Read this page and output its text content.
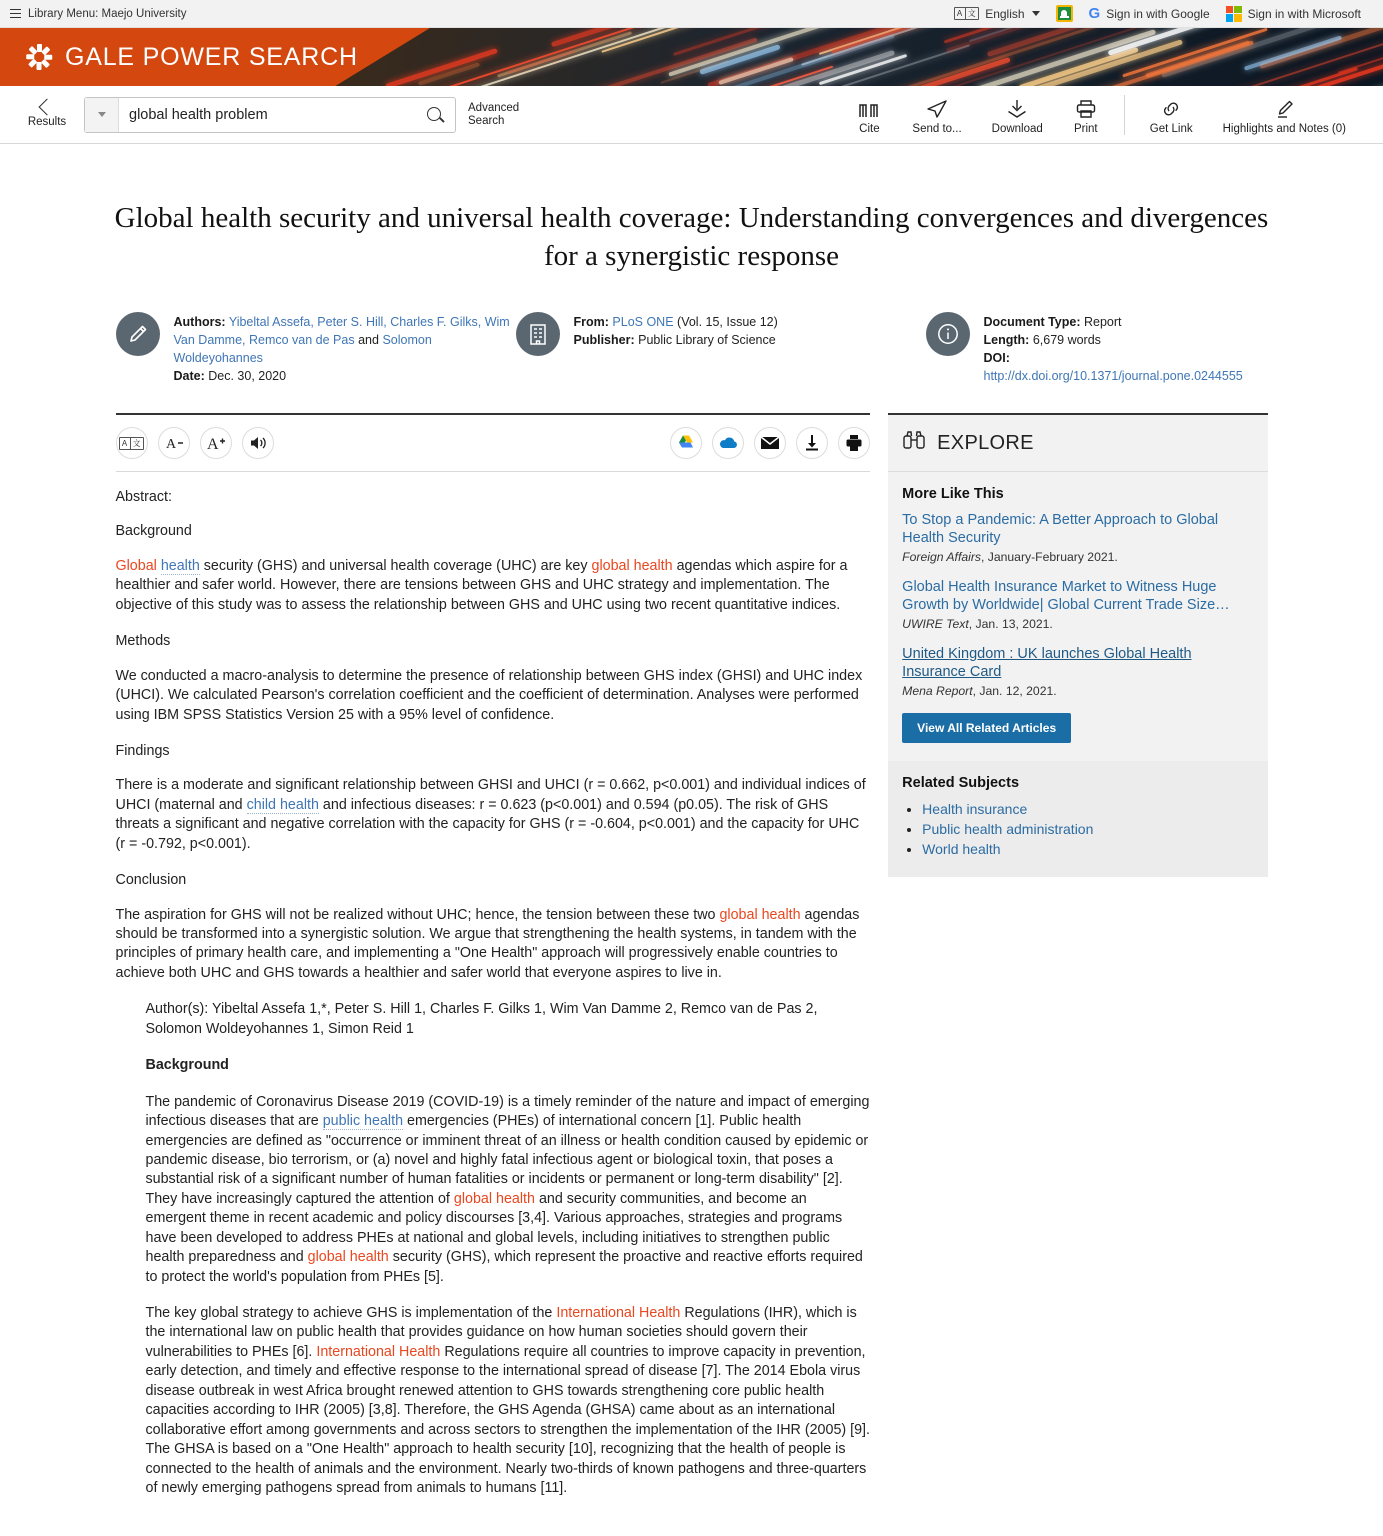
Library Menu: Maejo University	A 文 English	G Sign in with Google	Sign in with Microsoft
GALE POWER SEARCH
Results
global health problem
Advanced
Search
Cite	Send to...	Download	Print	Get Link	Highlights and Notes (0)
Global health security and universal health coverage: Understanding convergences and divergences for a synergistic response
Authors: Yibeltal Assefa, Peter S. Hill, Charles F. Gilks, Wim Van Damme, Remco van de Pas and Solomon Woldeyohannes
Date: Dec. 30, 2020
From: PLoS ONE (Vol. 15, Issue 12)
Publisher: Public Library of Science
Document Type: Report
Length: 6,679 words
DOI: http://dx.doi.org/10.1371/journal.pone.0244555
A 文 A A

Abstract:

Background

Global health security (GHS) and universal health coverage (UHC) are key global health agendas which aspire for a healthier and safer world. However, there are tensions between GHS and UHC strategy and implementation. The objective of this study was to assess the relationship between GHS and UHC using two recent quantitative indices.

Methods

We conducted a macro-analysis to determine the presence of relationship between GHS index (GHSI) and UHC index (UHCI). We calculated Pearson's correlation coefficient and the coefficient of determination. Analyses were performed using IBM SPSS Statistics Version 25 with a 95% level of confidence.

Findings

There is a moderate and significant relationship between GHSI and UHCI (r = 0.662, p<0.001) and individual indices of UHCI (maternal and child health and infectious diseases: r = 0.623 (p<0.001) and 0.594 (p0.05). The risk of GHS threats a significant and negative correlation with the capacity for GHS (r = -0.604, p<0.001) and the capacity for UHC (r = -0.792, p<0.001).

Conclusion

The aspiration for GHS will not be realized without UHC; hence, the tension between these two global health agendas should be transformed into a synergistic solution. We argue that strengthening the health systems, in tandem with the principles of primary health care, and implementing a "One Health" approach will progressively enable countries to achieve both UHC and GHS towards a healthier and safer world that everyone aspires to live in.

Author(s): Yibeltal Assefa 1,*, Peter S. Hill 1, Charles F. Gilks 1, Wim Van Damme 2, Remco van de Pas 2, Solomon Woldeyohannes 1, Simon Reid 1

Background

The pandemic of Coronavirus Disease 2019 (COVID-19) is a timely reminder of the nature and impact of emerging infectious diseases that are public health emergencies (PHEs) of international concern [1]. Public health emergencies are defined as "occurrence or imminent threat of an illness or health condition caused by epidemic or pandemic disease, bio terrorism, or (a) novel and highly fatal infectious agent or biological toxin, that poses a substantial risk of a significant number of human fatalities or incidents or permanent or long-term disability" [2]. They have increasingly captured the attention of global health and security communities, and become an emergent theme in recent academic and policy discourses [3,4]. Various approaches, strategies and programs have been developed to address PHEs at national and global levels, including initiatives to strengthen public health preparedness and global health security (GHS), which represent the proactive and reactive efforts required to protect the world's population from PHEs [5].

The key global strategy to achieve GHS is implementation of the International Health Regulations (IHR), which is the international law on public health that provides guidance on how human societies should govern their vulnerabilities to PHEs [6]. International Health Regulations require all countries to improve capacity in prevention, early detection, and timely and effective response to the international spread of disease [7]. The 2014 Ebola virus disease outbreak in west Africa brought renewed attention to GHS towards strengthening core public health capacities according to IHR (2005) [3,8]. Therefore, the GHS Agenda (GHSA) came about as an international collaborative effort among governments and across sectors to strengthen the implementation of the IHR (2005) [9]. The GHSA is based on a "One Health" approach to health security [10], recognizing that the health of people is connected to the health of animals and the environment. Nearly two-thirds of known pathogens and three-quarters of newly emerging pathogens spread from animals to humans [11].

EXPLORE
More Like This
To Stop a Pandemic: A Better Approach to Global Health Security
Foreign Affairs, January-February 2021.
Global Health Insurance Market to Witness Huge Growth by Worldwide| Global Current Trade Size…
UWIRE Text, Jan. 13, 2021.
United Kingdom : UK launches Global Health Insurance Card
Mena Report, Jan. 12, 2021.
View All Related Articles
Related Subjects
• Health insurance
• Public health administration
• World health
